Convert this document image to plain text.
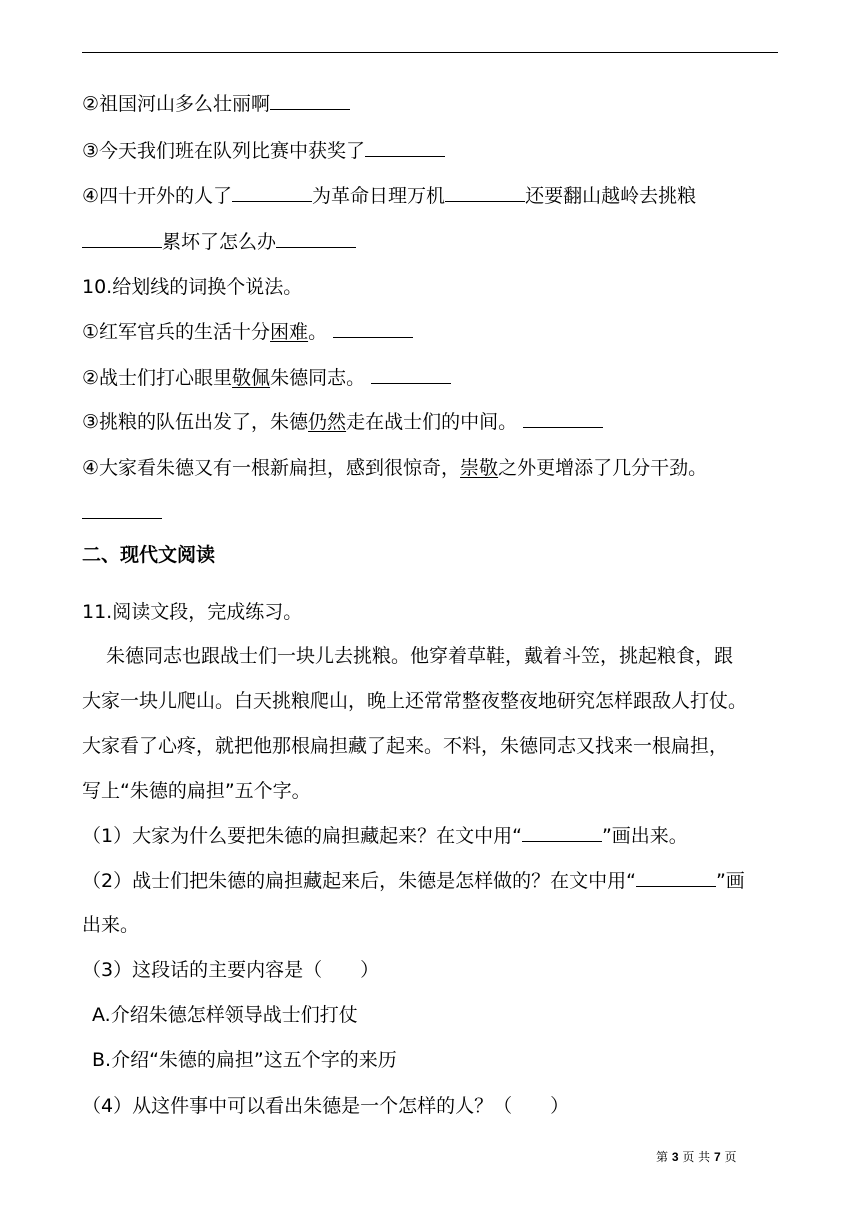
②祖国河山多么壮丽啊

③今天我们班在队列比赛中获奖了

④四十开外的人了	为革命日理万机	还要翻山越岭去挑粮

累坏了怎么办

10.给划线的词换个说法。

①红军官兵的生活十分困难。

②战士们打心眼里敬佩朱德同志。

③挑粮的队伍出发了，朱德仍然走在战士们的中间。

④大家看朱德又有一根新扁担，感到很惊奇，崇敬之外更增添了几分干劲。

二、现代文阅读

11.阅读文段，完成练习。

朱德同志也跟战士们一块儿去挑粮。他穿着草鞋，戴着斗笠，挑起粮食，跟

大家一块儿爬山。白天挑粮爬山，晚上还常常整夜整夜地研究怎样跟敌人打仗。

大家看了心疼，就把他那根扁担藏了起来。不料，朱德同志又找来一根扁担，

写上“朱德的扁担”五个字。

（1）大家为什么要把朱德的扁担藏起来？在文中用“	”画出来。

（2）战士们把朱德的扁担藏起来后，朱德是怎样做的？在文中用“	”画

出来。

（3）这段话的主要内容是（　　）

A.介绍朱德怎样领导战士们打仗

B.介绍“朱德的扁担”这五个字的来历

（4）从这件事中可以看出朱德是一个怎样的人？（　　）

第 3 页 共 7 页
